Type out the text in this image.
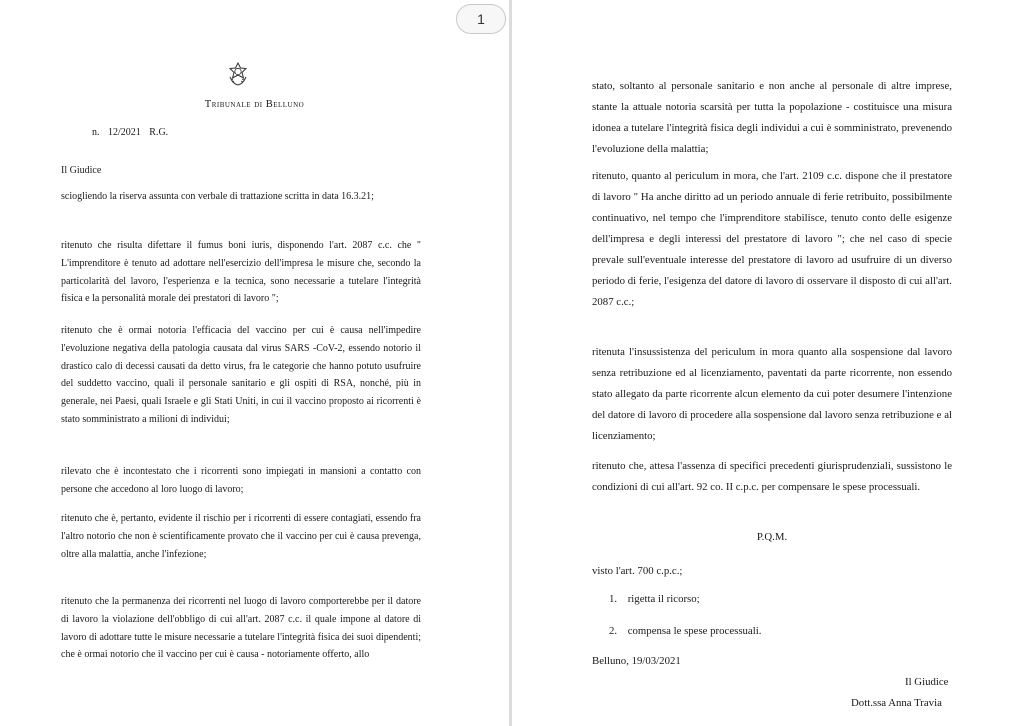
Tribunale di Belluno
n. 12/2021 R.G.
Il Giudice
sciogliendo la riserva assunta con verbale di trattazione scritta in data 16.3.21;
ritenuto che risulta difettare il fumus boni iuris, disponendo l'art. 2087 c.c. che " L'imprenditore è tenuto ad adottare nell'esercizio dell'impresa le misure che, secondo la particolarità del lavoro, l'esperienza e la tecnica, sono necessarie a tutelare l'integrità fisica e la personalità morale dei prestatori di lavoro ";
ritenuto che è ormai notoria l'efficacia del vaccino per cui è causa nell'impedire l'evoluzione negativa della patologia causata dal virus SARS -CoV-2, essendo notorio il drastico calo di decessi causati da detto virus, fra le categorie che hanno potuto usufruire del suddetto vaccino, quali il personale sanitario e gli ospiti di RSA, nonché, più in generale, nei Paesi, quali Israele e gli Stati Uniti, in cui il vaccino proposto ai ricorrenti è stato somministrato a milioni di individui;
rilevato che è incontestato che i ricorrenti sono impiegati in mansioni a contatto con persone che accedono al loro luogo di lavoro;
ritenuto che è, pertanto, evidente il rischio per i ricorrenti di essere contagiati, essendo fra l'altro notorio che non è scientificamente provato che il vaccino per cui è causa prevenga, oltre alla malattia, anche l'infezione;
ritenuto che la permanenza dei ricorrenti nel luogo di lavoro comporterebbe per il datore di lavoro la violazione dell'obbligo di cui all'art. 2087 c.c. il quale impone al datore di lavoro di adottare tutte le misure necessarie a tutelare l'integrità fisica dei suoi dipendenti; che è ormai notorio che il vaccino per cui è causa - notoriamente offerto, allo
stato, soltanto al personale sanitario e non anche al personale di altre imprese, stante la attuale notoria scarsità per tutta la popolazione - costituisce una misura idonea a tutelare l'integrità fisica degli individui a cui è somministrato, prevenendo l'evoluzione della malattia;
ritenuto, quanto al periculum in mora, che l'art. 2109 c.c. dispone che il prestatore di lavoro " Ha anche diritto ad un periodo annuale di ferie retribuito, possibilmente continuativo, nel tempo che l'imprenditore stabilisce, tenuto conto delle esigenze dell'impresa e degli interessi del prestatore di lavoro "; che nel caso di specie prevale sull'eventuale interesse del prestatore di lavoro ad usufruire di un diverso periodo di ferie, l'esigenza del datore di lavoro di osservare il disposto di cui all'art. 2087 c.c.;
ritenuta l'insussistenza del periculum in mora quanto alla sospensione dal lavoro senza retribuzione ed al licenziamento, paventati da parte ricorrente, non essendo stato allegato da parte ricorrente alcun elemento da cui poter desumere l'intenzione del datore di lavoro di procedere alla sospensione dal lavoro senza retribuzione e al licenziamento;
ritenuto che, attesa l'assenza di specifici precedenti giurisprudenziali, sussistono le condizioni di cui all'art. 92 co. II c.p.c. per compensare le spese processuali.
P.Q.M.
visto l'art. 700 c.p.c.;
1. rigetta il ricorso;
2. compensa le spese processuali.
Belluno, 19/03/2021
Il Giudice
Dott.ssa Anna Travia
1
